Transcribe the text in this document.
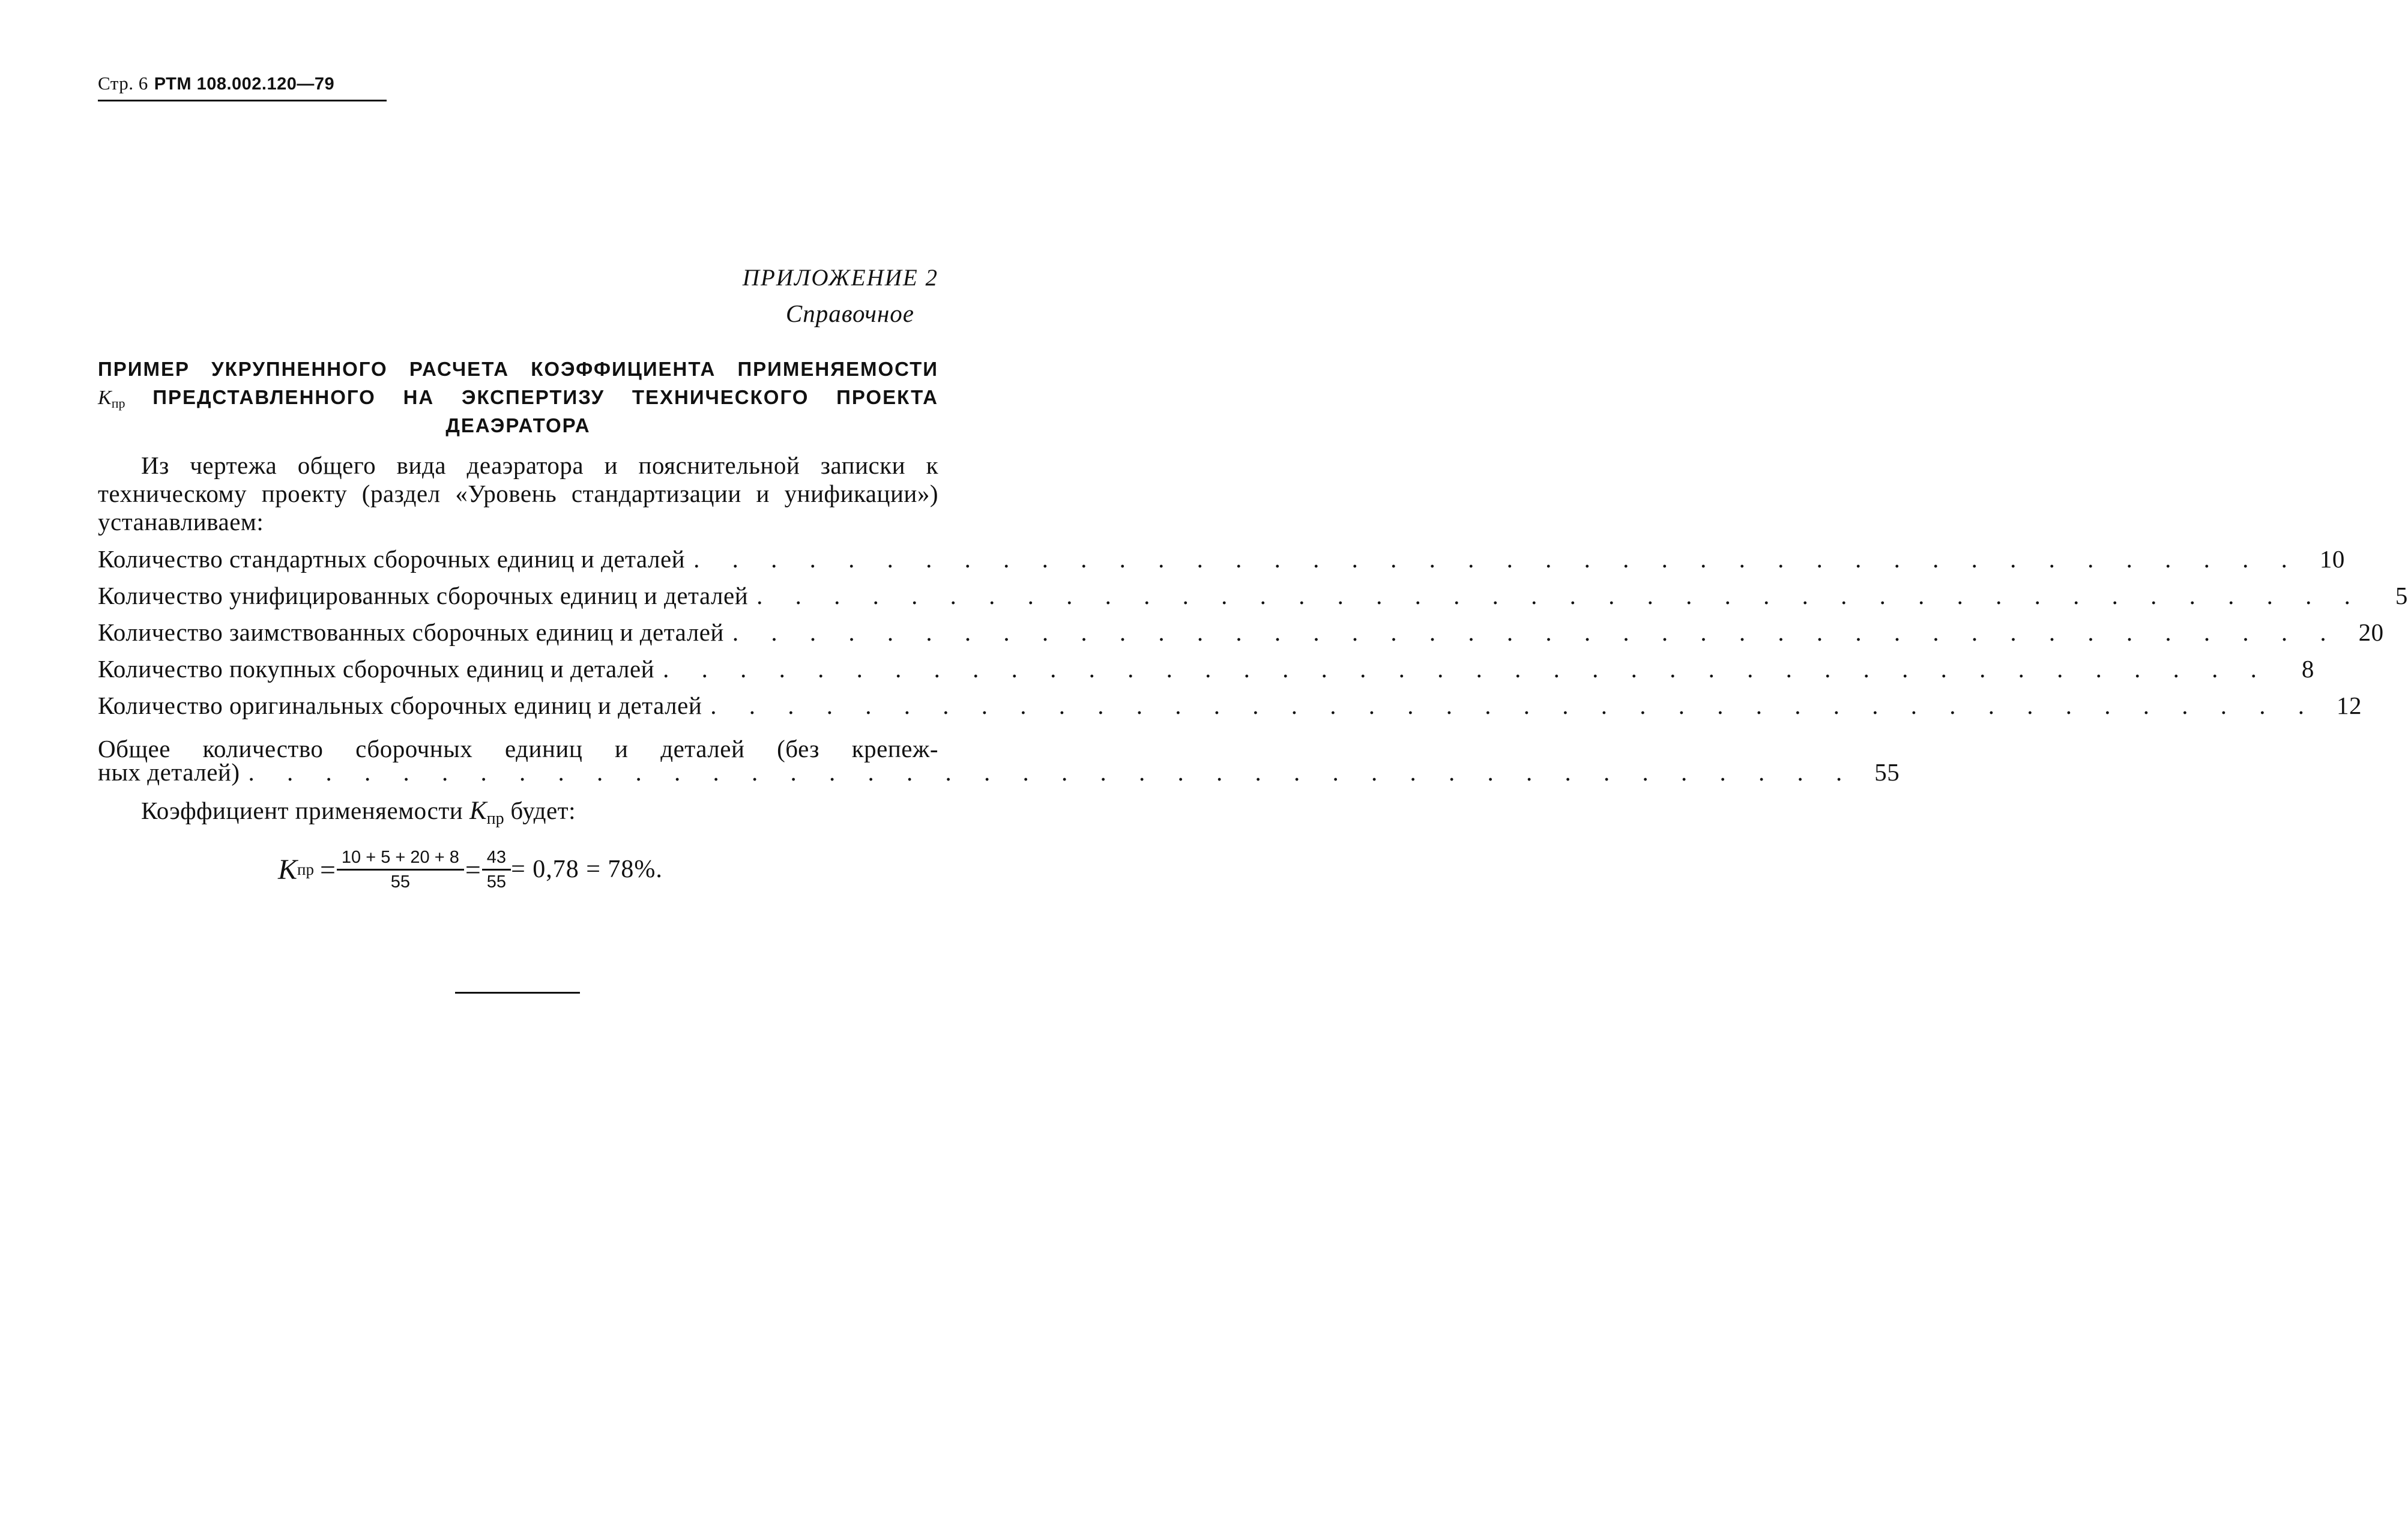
Стр. 6 РТМ 108.002.120—79
ПРИЛОЖЕНИЕ 2
Справочное
ПРИМЕР УКРУПНЕННОГО РАСЧЕТА КОЭФФИЦИЕНТА ПРИМЕНЯЕМОСТИ
Kпр ПРЕДСТАВЛЕННОГО НА ЭКСПЕРТИЗУ ТЕХНИЧЕСКОГО ПРОЕКТА
ДЕАЭРАТОРА
Из чертежа общего вида деаэратора и пояснительной записки к техническому проекту (раздел «Уровень стандартизации и унификации») устанавливаем:
Количество стандартных сборочных единиц и деталей . . . . . . . . . . . . . . . . . . . . . . . . . . . . . . . . . . . . . . . . . . 10
Количество унифицированных сборочных единиц и деталей . . . . . . . . . . . . . . . . . . . . . . . . . . . . . . . . . . . . . . . . . .	5
Количество заимствованных сборочных единиц и деталей . . . . . . . . . . . . . . . . . . . . . . . . . . . . . . . . . . . . . . . . . . 20
Количество покупных сборочных единиц и деталей . . . . . . . . . . . . . . . . . . . . . . . . . . . . . . . . . . . . . . . . . .	8
Количество оригинальных сборочных единиц и деталей . . . . . . . . . . . . . . . . . . . . . . . . . . . . . . . . . . . . . . . . . . 12
Общее количество сборочных единиц и деталей (без крепеж-
ных деталей) . . . . . . . . . . . . . . . . . . . . . . . . . . . . . . . . . . . . . . . . . . 55
Коэффициент применяемости Kпр будет:
K пр = $\frac{10 + 5 + 20 + 8}{55} = \frac{43}{55} = 0,78 = 78\%$.
